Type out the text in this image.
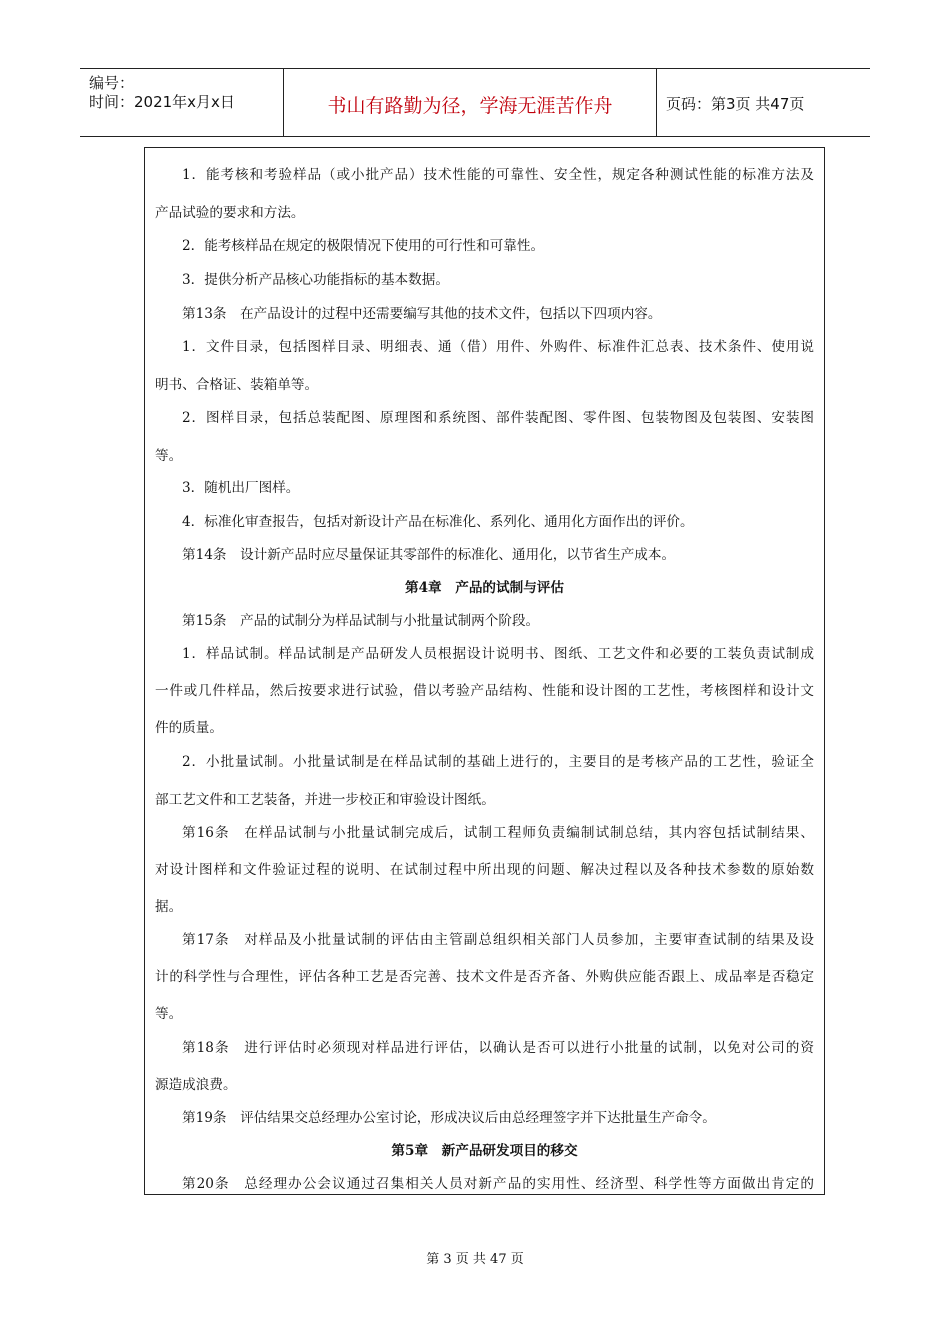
编号：
时间：2021年x月x日	书山有路勤为径，学海无涯苦作舟	页码：第3页 共47页
1．能考核和考验样品（或小批产品）技术性能的可靠性、安全性，规定各种测试性能的标准方法及
产品试验的要求和方法。
2．能考核样品在规定的极限情况下使用的可行性和可靠性。
3．提供分析产品核心功能指标的基本数据。
第13条　在产品设计的过程中还需要编写其他的技术文件，包括以下四项内容。
1．文件目录，包括图样目录、明细表、通（借）用件、外购件、标准件汇总表、技术条件、使用说
明书、合格证、装箱单等。
2．图样目录，包括总装配图、原理图和系统图、部件装配图、零件图、包装物图及包装图、安装图
等。
3．随机出厂图样。
4．标准化审查报告，包括对新设计产品在标准化、系列化、通用化方面作出的评价。
第14条　设计新产品时应尽量保证其零部件的标准化、通用化，以节省生产成本。
第4章　产品的试制与评估
第15条　产品的试制分为样品试制与小批量试制两个阶段。
1．样品试制。样品试制是产品研发人员根据设计说明书、图纸、工艺文件和必要的工装负责试制成
一件或几件样品，然后按要求进行试验，借以考验产品结构、性能和设计图的工艺性，考核图样和设计文
件的质量。
2．小批量试制。小批量试制是在样品试制的基础上进行的，主要目的是考核产品的工艺性，验证全
部工艺文件和工艺装备，并进一步校正和审验设计图纸。
第16条　在样品试制与小批量试制完成后，试制工程师负责编制试制总结，其内容包括试制结果、
对设计图样和文件验证过程的说明、在试制过程中所出现的问题、解决过程以及各种技术参数的原始数
据。
第17条　对样品及小批量试制的评估由主管副总组织相关部门人员参加，主要审查试制的结果及设
计的科学性与合理性，评估各种工艺是否完善、技术文件是否齐备、外购供应能否跟上、成品率是否稳定
等。
第18条　进行评估时必须现对样品进行评估，以确认是否可以进行小批量的试制，以免对公司的资
源造成浪费。
第19条　评估结果交总经理办公室讨论，形成决议后由总经理签字并下达批量生产命令。
第5章　新产品研发项目的移交
第20条　总经理办公会议通过召集相关人员对新产品的实用性、经济型、科学性等方面做出肯定的
第 3 页 共 47 页
